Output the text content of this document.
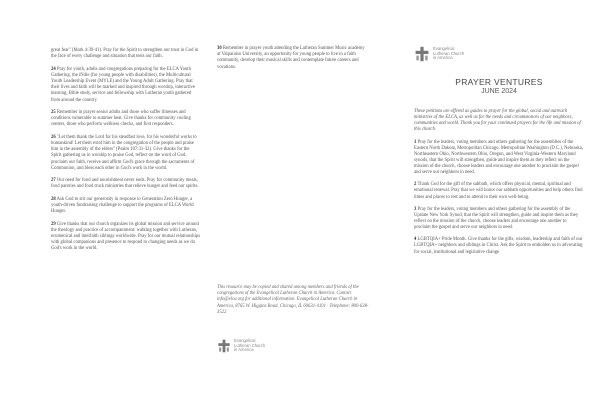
great fear" (Mark 4:39-41). Pray for the Spirit to strengthen our trust in God in the face of every challenge and situation that tests our faith.

24 Pray for youth, adults and congregations preparing for the ELCA Youth Gathering, the iNdie (for young people with disabilities), the Multicultural Youth Leadership Event (MYLE) and the Young Adult Gathering. Pray that their lives and faith will be marked and inspired through worship, interactive learning, Bible study, service and fellowship with Lutheran youth gathered from around the country.

25 Remember in prayer senior adults and those who suffer illnesses and conditions vulnerable to summer heat. Give thanks for community cooling centers, those who perform wellness checks, and first responders.

26 "Let them thank the Lord for his steadfast love, for his wonderful works to humankind! Let them extol him in the congregation of the people and praise him in the assembly of the elders" (Psalm 107:31-32). Give thanks for the Spirit gathering us in worship to praise God, reflect on the word of God, proclaim our faith, receive and affirm God's grace through the sacraments of Communion, and bless each other in God's work in the world.

27 Our need for food and nourishment never ends. Pray for community meals, food pantries and food truck ministries that relieve hunger and feed our spirits.

28 Ask God to stir our generosity in response to Generation Zero Hunger, a youth-driven fundraising challenge to support the programs of ELCA World Hunger.

29 Give thanks that our church organizes its global mission and service around the theology and practice of accompaniment: walking together with Lutheran, ecumenical and interfaith siblings worldwide. Pray for our mutual relationships with global companions and presence to respond to changing needs as we do God's work in the world.

30 Remember in prayer youth attending the Lutheran Summer Music academy at Valparaiso University, an opportunity for young people to live in a faith community, develop their musical skills and contemplate future careers and vocations.

This resource may be copied and shared among members and friends of the congregations of the Evangelical Lutheran Church in America. Contact info@elca.org for additional information. Evangelical Lutheran Church in America, 8765 W. Higgins Road, Chicago, IL 60631-4101 · Telephone: 800-638-3522

Evangelical
Lutheran Church
in America
Evangelical
Lutheran Church
in America
PRAYER VENTURES
JUNE 2024

These petitions are offered as guides to prayer for the global, social and outreach ministries of the ELCA, as well as for the needs and circumstances of our neighbors, communities and world. Thank you for your continued prayers for the life and mission of this church.

1 Pray for the leaders, voting members and others gathering for the assemblies of the Eastern North Dakota, Metropolitan Chicago, Metropolitan Washington (D.C.), Nebraska, Northeastern Ohio, Northwestern Ohio, Oregon, and West Virginia-Western Maryland synods, that the Spirit will strengthen, guide and inspire them as they reflect on the mission of the church, choose leaders and encourage one another to proclaim the gospel and serve our neighbors in need.

2 Thank God for the gift of the sabbath, which offers physical, mental, spiritual and emotional renewal. Pray that we will honor our sabbath opportunities and help others find times and places to rest and to attend to their own well-being.

3 Pray for the leaders, voting members and others gathering for the assembly of the Upstate New York Synod, that the Spirit will strengthen, guide and inspire them as they reflect on the mission of the church, choose leaders and encourage one another to proclaim the gospel and serve our neighbors in need.

4 LGBTQIA+ Pride Month. Give thanks for the gifts, wisdom, leadership and faith of our LGBTQIA+ neighbors and siblings in Christ. Ask the Spirit to embolden us in advocating for social, institutional and legislative change
